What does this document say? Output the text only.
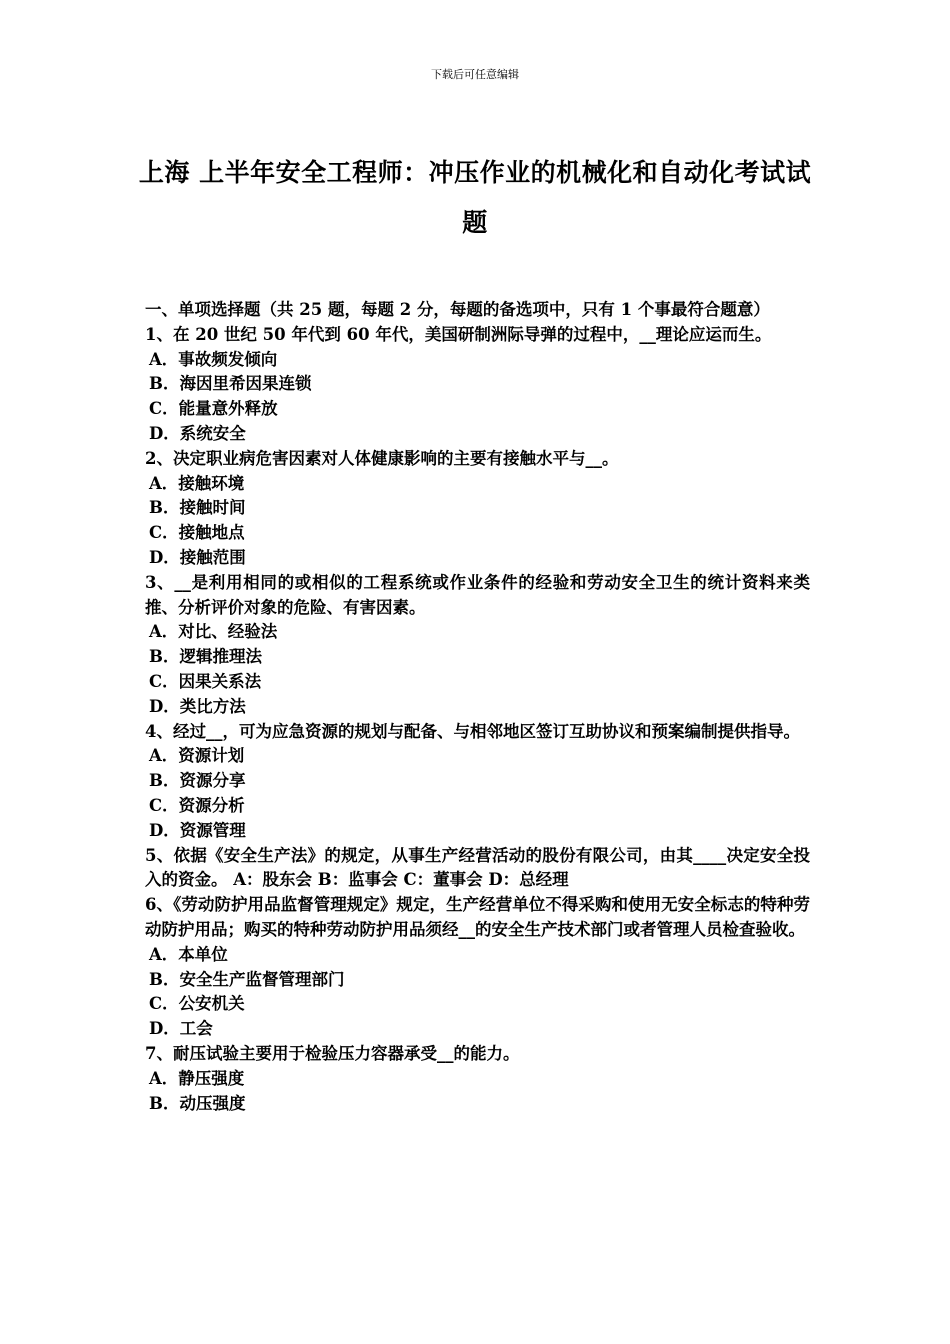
下载后可任意编辑
上海 上半年安全工程师：冲压作业的机械化和自动化考试试题

一、单项选择题（共 25 题，每题 2 分，每题的备选项中，只有 1 个事最符合题意）

1、在 20 世纪 50 年代到 60 年代，美国研制洲际导弹的过程中，__理论应运而生。

A．事故频发倾向

B．海因里希因果连锁

C．能量意外释放

D．系统安全

2、决定职业病危害因素对人体健康影响的主要有接触水平与__。

A．接触环境

B．接触时间

C．接触地点

D．接触范围

3、__是利用相同的或相似的工程系统或作业条件的经验和劳动安全卫生的统计资料来类推、分析评价对象的危险、有害因素。

A．对比、经验法

B．逻辑推理法

C．因果关系法

D．类比方法

4、经过__，可为应急资源的规划与配备、与相邻地区签订互助协议和预案编制提供指导。

A．资源计划

B．资源分享

C．资源分析

D．资源管理

5、依据《安全生产法》的规定，从事生产经营活动的股份有限公司，由其____决定安全投入的资金。 A：股东会 B：监事会 C：董事会 D：总经理

6、《劳动防护用品监督管理规定》规定，生产经营单位不得采购和使用无安全标志的特种劳动防护用品；购买的特种劳动防护用品须经__的安全生产技术部门或者管理人员检查验收。

A．本单位

B．安全生产监督管理部门

C．公安机关

D．工会

7、耐压试验主要用于检验压力容器承受__的能力。

A．静压强度

B．动压强度
